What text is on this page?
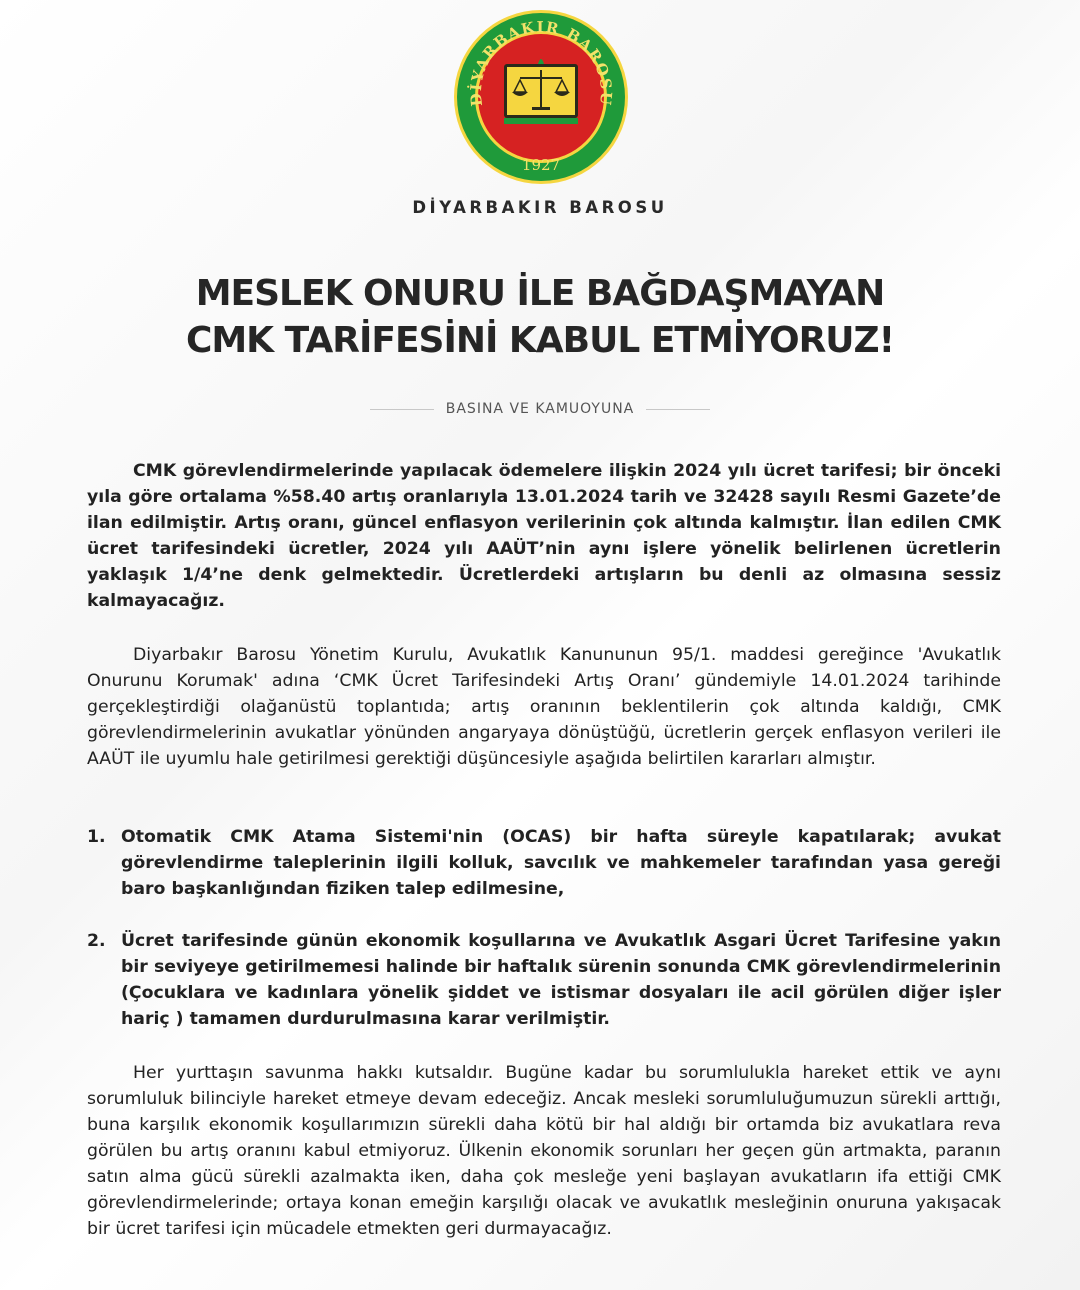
DİYARBAKIR BAROSU
1927
DİYARBAKIR BAROSU
MESLEK ONURU İLE BAĞDAŞMAYAN
CMK TARİFESİNİ KABUL ETMİYORUZ!
BASINA VE KAMUOYUNA
CMK görevlendirmelerinde yapılacak ödemelere ilişkin 2024 yılı ücret tarifesi; bir önceki yıla göre ortalama %58.40 artış oranlarıyla 13.01.2024 tarih ve 32428 sayılı Resmi Gazete’de ilan edilmiştir. Artış oranı, güncel enflasyon verilerinin çok altında kalmıştır. İlan edilen CMK ücret tarifesindeki ücretler, 2024 yılı AAÜT’nin aynı işlere yönelik belirlenen ücretlerin yaklaşık 1/4’ne denk gelmektedir. Ücretlerdeki artışların bu denli az olmasına sessiz kalmayacağız.
Diyarbakır Barosu Yönetim Kurulu, Avukatlık Kanununun 95/1. maddesi gereğince 'Avukatlık Onurunu Korumak' adına ‘CMK Ücret Tarifesindeki Artış Oranı’ gündemiyle 14.01.2024 tarihinde gerçekleştirdiği olağanüstü toplantıda; artış oranının beklentilerin çok altında kaldığı, CMK görevlendirmelerinin avukatlar yönünden angaryaya dönüştüğü, ücretlerin gerçek enflasyon verileri ile AAÜT ile uyumlu hale getirilmesi gerektiği düşüncesiyle aşağıda belirtilen kararları almıştır.
1. Otomatik CMK Atama Sistemi'nin (OCAS) bir hafta süreyle kapatılarak; avukat görevlendirme taleplerinin ilgili kolluk, savcılık ve mahkemeler tarafından yasa gereği baro başkanlığından fiziken talep edilmesine,
2. Ücret tarifesinde günün ekonomik koşullarına ve Avukatlık Asgari Ücret Tarifesine yakın bir seviyeye getirilmemesi halinde bir haftalık sürenin sonunda CMK görevlendirmelerinin (Çocuklara ve kadınlara yönelik şiddet ve istismar dosyaları ile acil görülen diğer işler hariç ) tamamen durdurulmasına karar verilmiştir.
Her yurttaşın savunma hakkı kutsaldır. Bugüne kadar bu sorumlulukla hareket ettik ve aynı sorumluluk bilinciyle hareket etmeye devam edeceğiz. Ancak mesleki sorumluluğumuzun sürekli arttığı, buna karşılık ekonomik koşullarımızın sürekli daha kötü bir hal aldığı bir ortamda biz avukatlara reva görülen bu artış oranını kabul etmiyoruz. Ülkenin ekonomik sorunları her geçen gün artmakta, paranın satın alma gücü sürekli azalmakta iken, daha çok mesleğe yeni başlayan avukatların ifa ettiği CMK görevlendirmelerinde; ortaya konan emeğin karşılığı olacak ve avukatlık mesleğinin onuruna yakışacak bir ücret tarifesi için mücadele etmekten geri durmayacağız.
